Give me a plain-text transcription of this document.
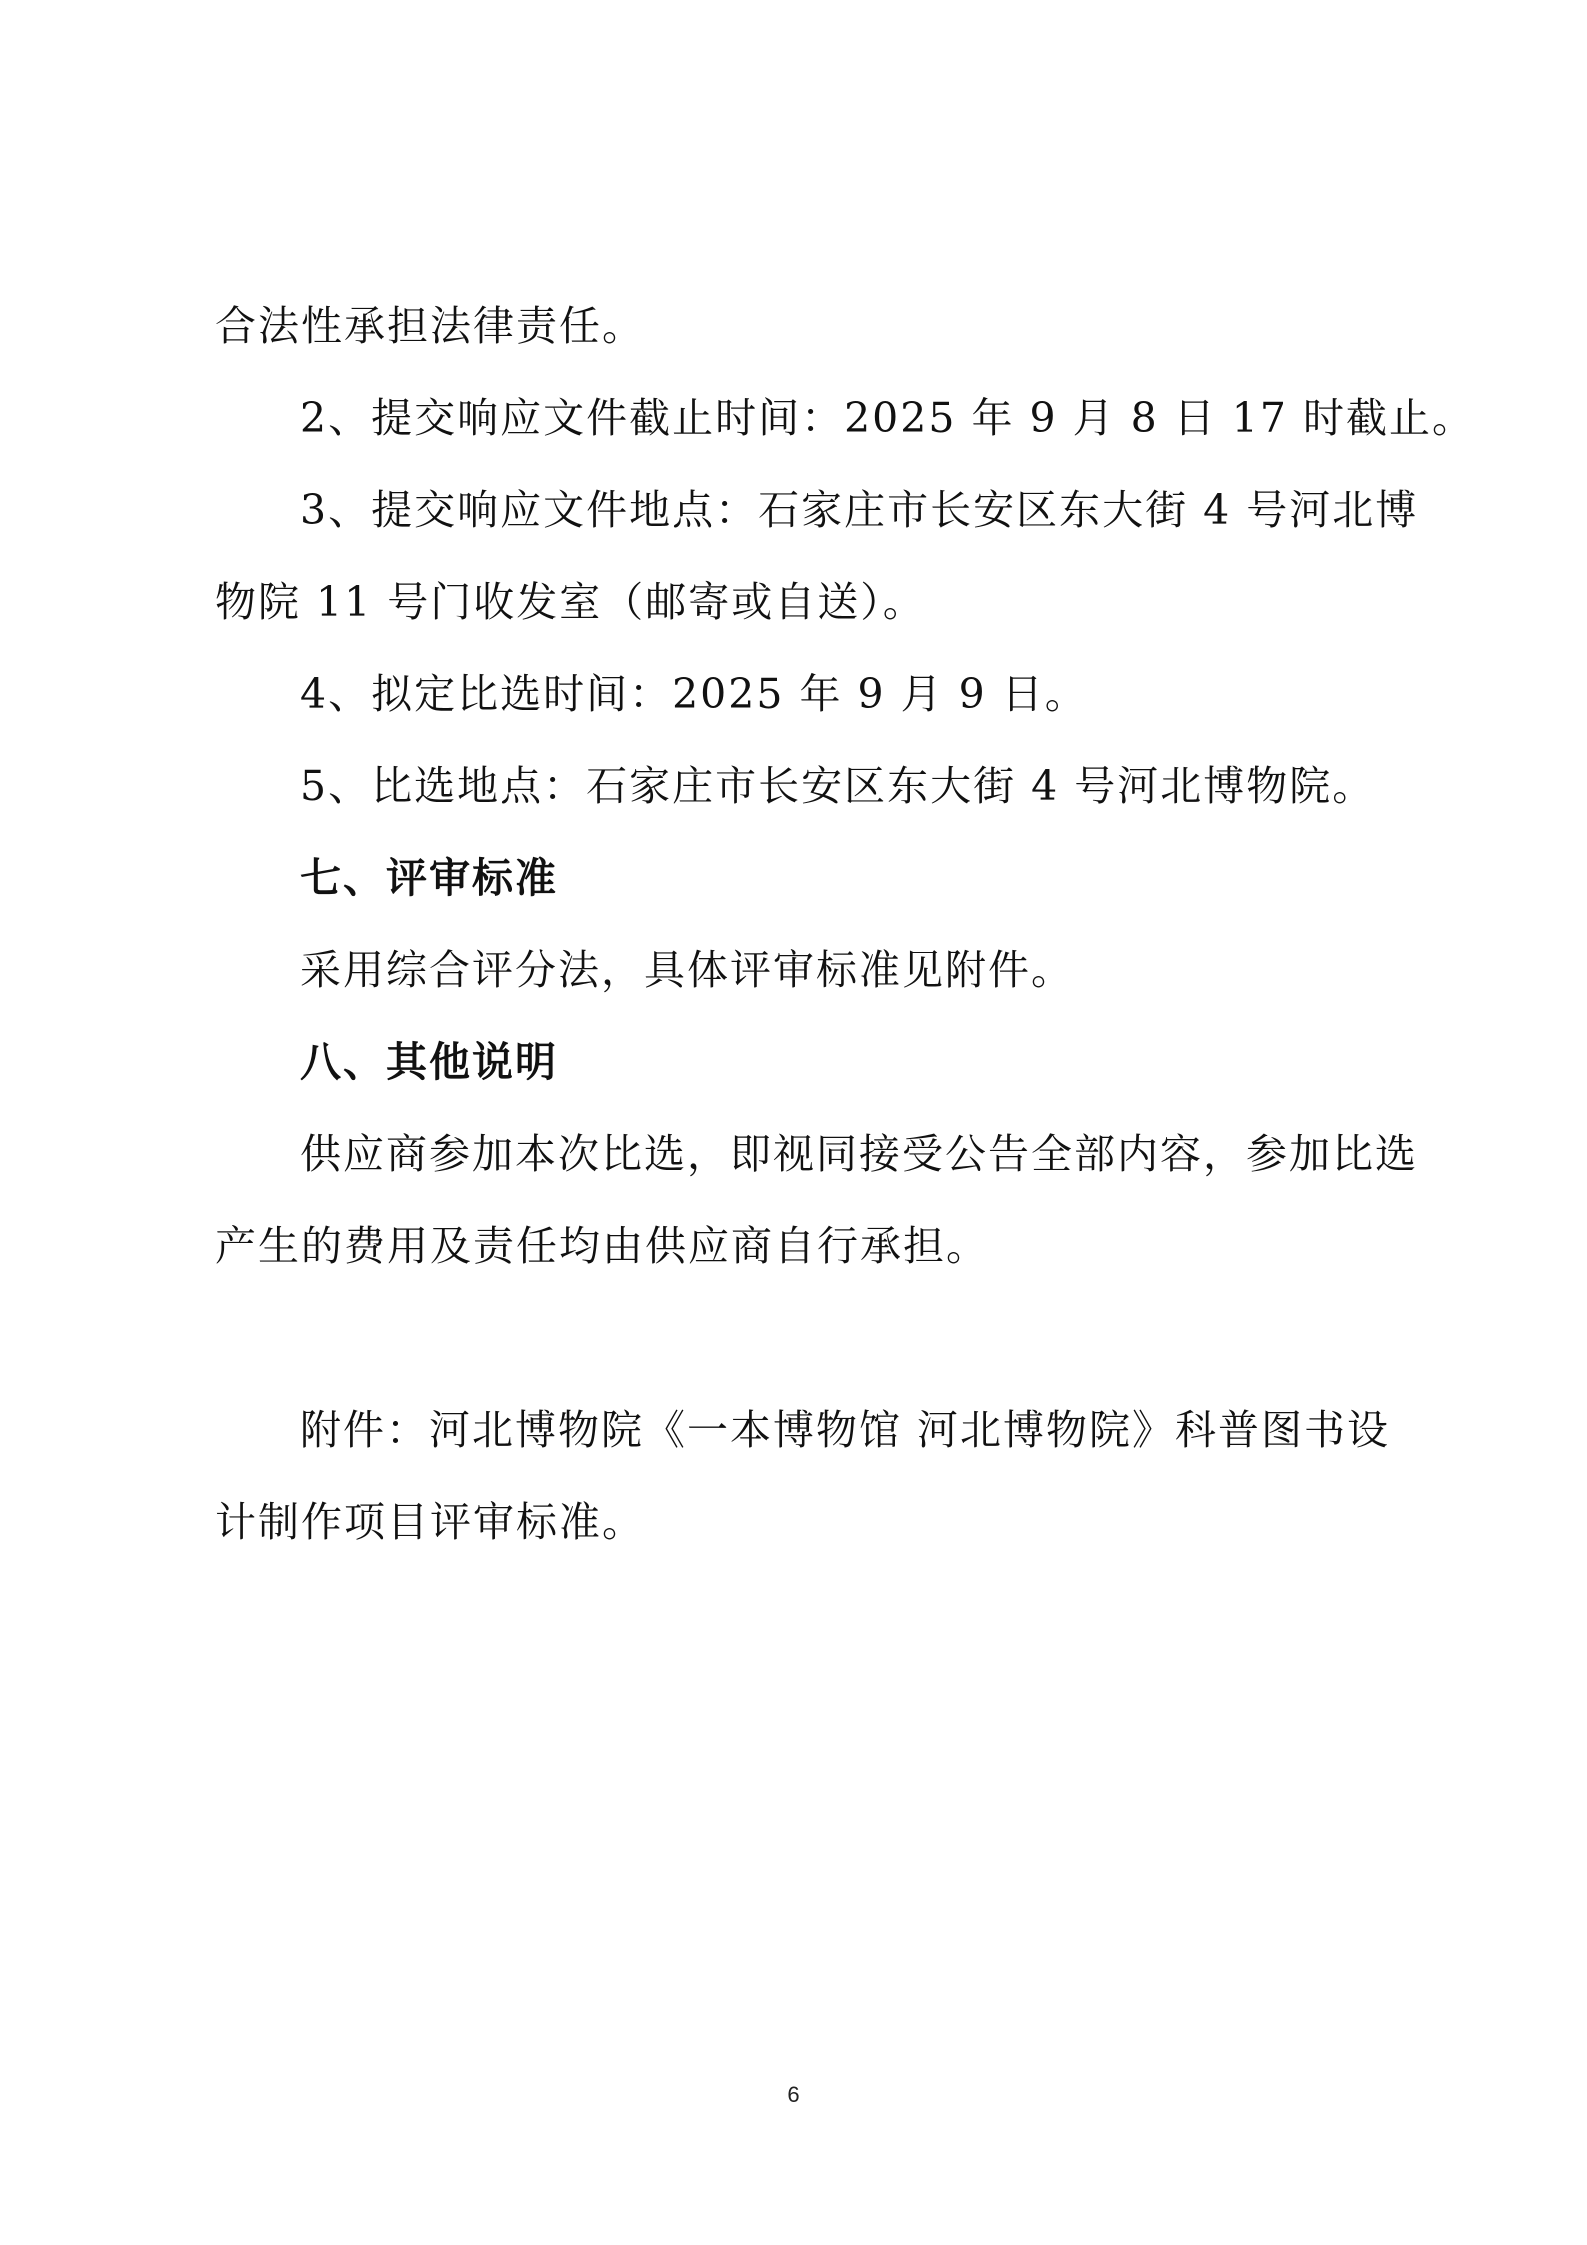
合法性承担法律责任。

2、提交响应文件截止时间：2025 年 9 月 8 日 17 时截止。

3、提交响应文件地点：石家庄市长安区东大街 4 号河北博

物院 11 号门收发室（邮寄或自送）。

4、拟定比选时间：2025 年 9 月 9 日。

5、比选地点：石家庄市长安区东大街 4 号河北博物院。

七、评审标准

采用综合评分法，具体评审标准见附件。

八、其他说明

供应商参加本次比选，即视同接受公告全部内容，参加比选

产生的费用及责任均由供应商自行承担。

附件：河北博物院《一本博物馆 河北博物院》科普图书设

计制作项目评审标准。

6
